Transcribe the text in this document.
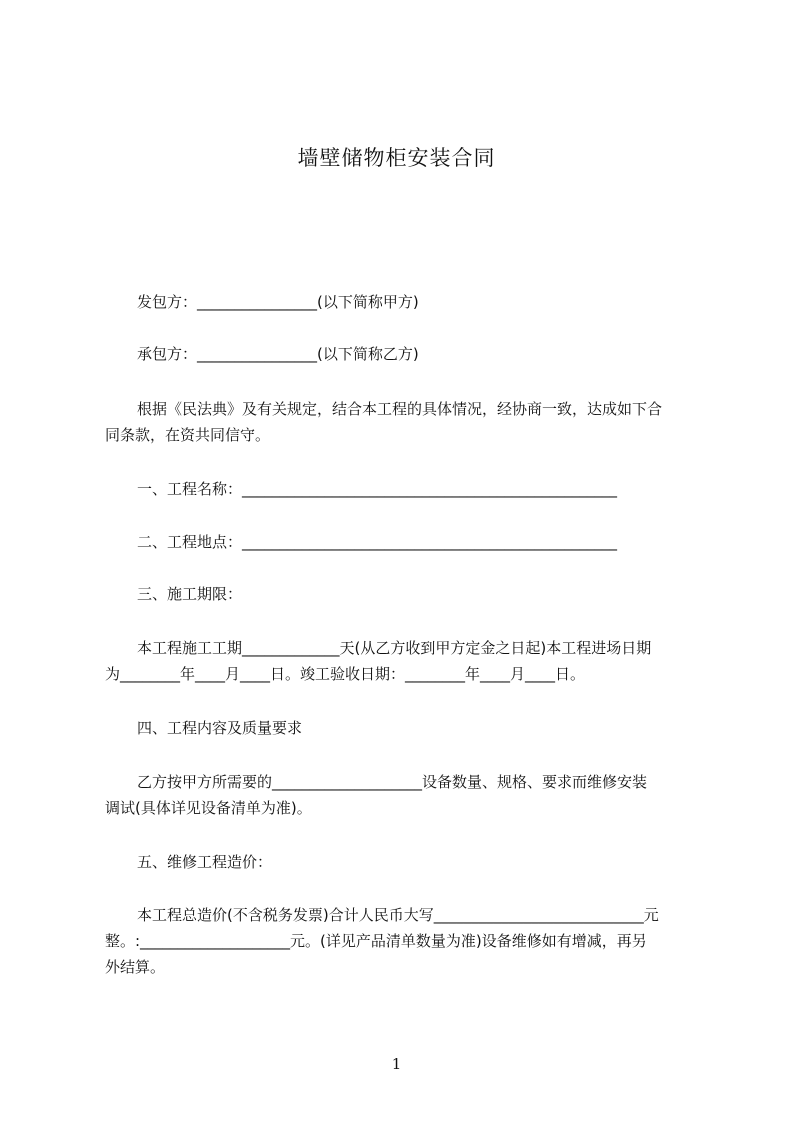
墙壁储物柜安装合同
发包方：________________(以下简称甲方)
承包方：________________(以下简称乙方)
根据《民法典》及有关规定，结合本工程的具体情况，经协商一致，达成如下合
同条款，在资共同信守。
一、工程名称：__________________________________________________
二、工程地点：__________________________________________________
三、施工期限：
本工程施工工期_____________天(从乙方收到甲方定金之日起)本工程进场日期
为________年____月____日。竣工验收日期：________年____月____日。
四、工程内容及质量要求
乙方按甲方所需要的____________________设备数量、规格、要求而维修安装
调试(具体详见设备清单为准)。
五、维修工程造价：
本工程总造价(不含税务发票)合计人民币大写____________________________元
整。:____________________元。(详见产品清单数量为准)设备维修如有增减，再另
外结算。
1
